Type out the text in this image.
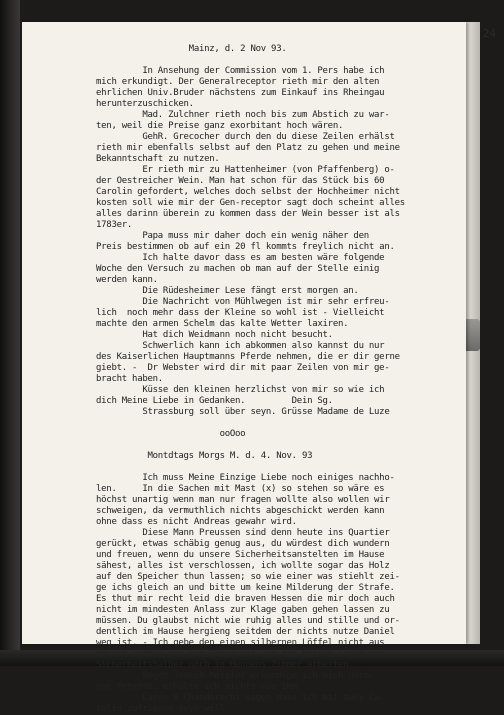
24
Mainz, d. 2 Nov 93.
In Ansehung der Commission vom 1. Pers habe ich
mich erkundigt. Der Generalreceptor rieth mir den alten
ehrlichen Univ.Bruder nächstens zum Einkauf ins Rheingau
herunterzuschicken.
Mad. Zulchner rieth noch bis zum Abstich zu war-
ten, weil die Preise ganz exorbitant hoch wären.
GehR. Grecocher durch den du diese Zeilen erhälst
rieth mir ebenfalls selbst auf den Platz zu gehen und meine
Bekanntschaft zu nutzen.
Er rieth mir zu Hattenheimer (von Pfaffenberg) o-
der Oestreicher Wein. Man hat schon für das Stück bis 60
Carolin gefordert, welches doch selbst der Hochheimer nicht
kosten soll wie mir der Gen-receptor sagt doch scheint alles
alles darinn überein zu kommen dass der Wein besser ist als
1783er.
Papa muss mir daher doch ein wenig näher den
Preis bestimmen ob auf ein 20 fl kommts freylich nicht an.
Ich halte davor dass es am besten wäre folgende
Woche den Versuch zu machen ob man auf der Stelle einig
werden kann.
Die Rüdesheimer Lese fängt erst morgen an.
Die Nachricht von Mühlwegen ist mir sehr erfreu-
lich  noch mehr dass der Kleine so wohl ist - Vielleicht
machte den armen Schelm das kalte Wetter laxiren.
Hat dich Weidmann noch nicht besucht.
Schwerlich kann ich abkommen also kannst du nur
des Kaiserlichen Hauptmanns Pferde nehmen, die er dir gerne
giebt. -  Dr Webster wird dir mit paar Zeilen von mir ge-
bracht haben.
Küsse den kleinen herzlichst von mir so wie ich
dich Meine Liebe in Gedanken.         Dein Sg.
Strassburg soll über seyn. Grüsse Madame de Luze
ooOoo
Montdtags Morgs M. d. 4. Nov. 93
Ich muss Meine Einzige Liebe noch einiges nachho-
len.     In die Sachen mit Mast (x) so stehen so wäre es
höchst unartig wenn man nur fragen wollte also wollen wir
schweigen, da vermuthlich nichts abgeschickt werden kann
ohne dass es nicht Andreas gewahr wird.
Diese Mann Preussen sind denn heute ins Quartier
gerückt, etwas schäbig genug aus, du würdest dich wundern
und freuen, wenn du unsere Sicherheitsanstelten im Hause
sähest, alles ist verschlossen, ich wollte sogar das Holz
auf den Speicher thun lassen; so wie einer was stiehlt zei-
ge ichs gleich an und bitte um keine Milderung der Strafe.
Es thut mir recht leid die braven Hessen die mir doch auch
nicht im mindesten Anlass zur Klage gaben gehen lassen zu
müssen. Du glaubst nicht wie ruhig alles und stille und or-
dentlich im Hause hergieng seitdem der nichts nutze Daniel
weg ist. - Ich gebe den einen silbernen Löffel nicht aus
meinem Zimmer und den Schneider von den Hessen lasse ich
Sicherheitshalber noch in Hennens Zimmer arbeiten.
Wegen Joseph Metzler erkundige ich mich noch-
zur Petersb. erhalte ich nichts von ihm.
Lasse H Chandorecht sagen dass ich mit zwey Ca-
rolin zufrieden seyn will.
